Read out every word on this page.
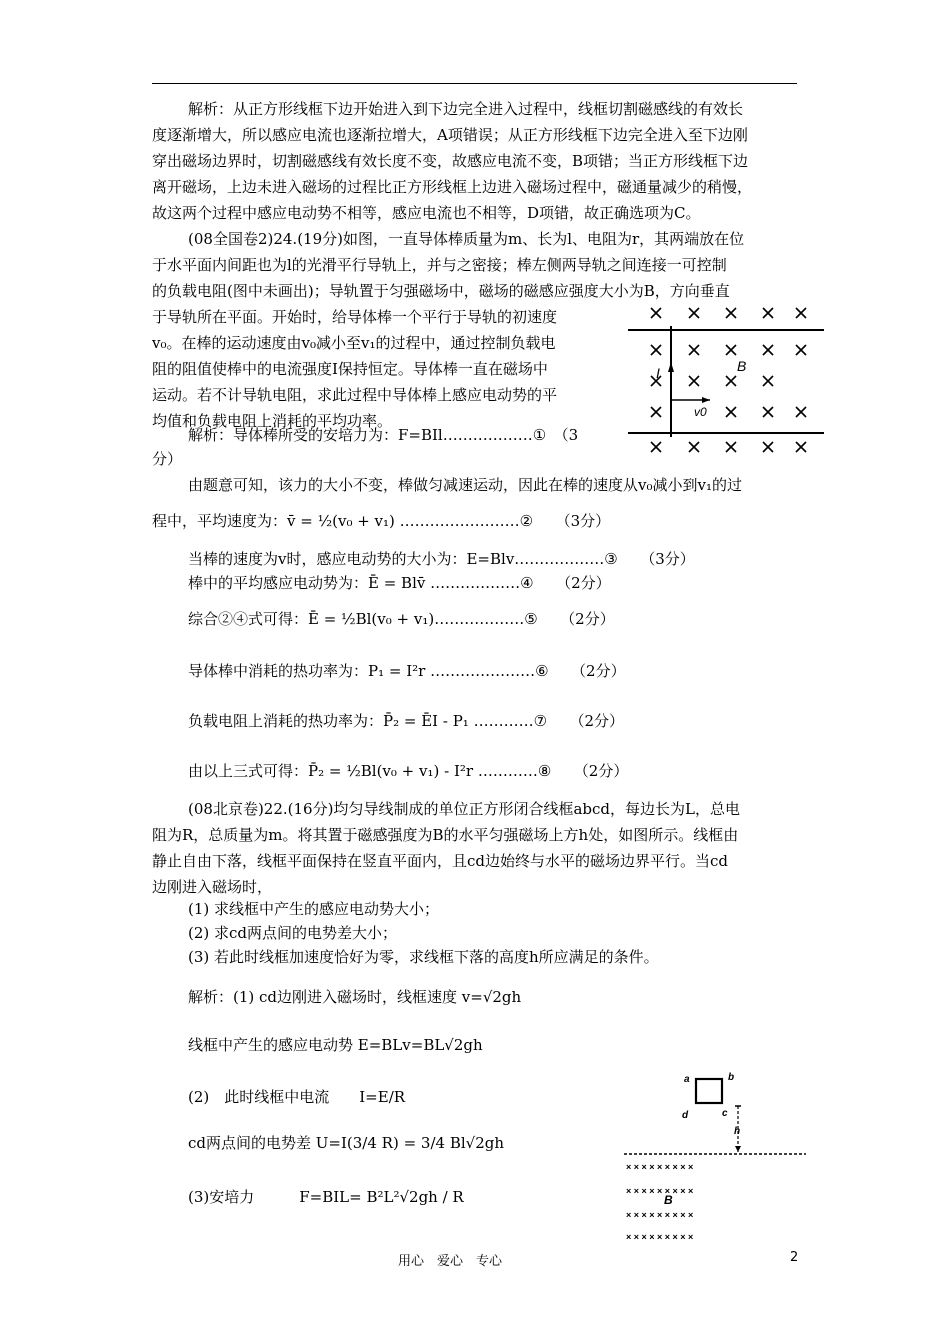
解析：从正方形线框下边开始进入到下边完全进入过程中，线框切割磁感线的有效长
度逐渐增大，所以感应电流也逐渐拉增大，A项错误；从正方形线框下边完全进入至下边刚
穿出磁场边界时，切割磁感线有效长度不变，故感应电流不变，B项错；当正方形线框下边
离开磁场，上边未进入磁场的过程比正方形线框上边进入磁场过程中，磁通量减少的稍慢，
故这两个过程中感应电动势不相等，感应电流也不相等，D项错，故正确选项为C。
(08全国卷2)24.(19分)如图，一直导体棒质量为m、长为l、电阻为r，其两端放在位
于水平面内间距也为l的光滑平行导轨上，并与之密接；棒左侧两导轨之间连接一可控制
的负载电阻(图中未画出)；导轨置于匀强磁场中，磁场的磁感应强度大小为B，方向垂直
于导轨所在平面。开始时，给导体棒一个平行于导轨的初速度
v₀。在棒的运动速度由v₀减小至v₁的过程中，通过控制负载电
阻的阻值使棒中的电流强度I保持恒定。导体棒一直在磁场中
运动。若不计导轨电阻，求此过程中导体棒上感应电动势的平
均值和负载电阻上消耗的平均功率。
I	B
v0
解析：导体棒所受的安培力为：F=BIl………………①　（3
分）
由题意可知，该力的大小不变，棒做匀减速运动，因此在棒的速度从v₀减小到v₁的过
程中，平均速度为：v̄ = ½(v₀ + v₁) ……………………②　　（3分）
当棒的速度为v时，感应电动势的大小为：E=Blv………………③　　（3分）
棒中的平均感应电动势为：Ē = Blv̄ ………………④　　（2分）
综合②④式可得：Ē = ½Bl(v₀ + v₁)………………⑤　　（2分）
导体棒中消耗的热功率为：P₁ = I²r …………………⑥　　（2分）
负载电阻上消耗的热功率为：P̄₂ = ĒI - P₁ …………⑦　　（2分）
由以上三式可得：P̄₂ = ½Bl(v₀ + v₁) - I²r …………⑧　　（2分）
(08北京卷)22.(16分)均匀导线制成的单位正方形闭合线框abcd，每边长为L，总电
阻为R，总质量为m。将其置于磁感强度为B的水平匀强磁场上方h处，如图所示。线框由
静止自由下落，线框平面保持在竖直平面内，且cd边始终与水平的磁场边界平行。当cd
边刚进入磁场时，
(1) 求线框中产生的感应电动势大小；
(2) 求cd两点间的电势差大小；
(3) 若此时线框加速度恰好为零，求线框下落的高度h所应满足的条件。
解析：(1) cd边刚进入磁场时，线框速度 v=√2gh
线框中产生的感应电动势 E=BLv=BL√2gh
(2)　此时线框中电流　　I=E/R
cd两点间的电势差 U=I(3/4 R) = 3/4 Bl√2gh
(3)安培力　　　F=BIL= B²L²√2gh / R
a	b
c
d
h
× × × × × × × × ×
× × × × × × × × ×
× × × × × × × × ×
× × × × × × × × ×
B
用心　爱心　专心	2
